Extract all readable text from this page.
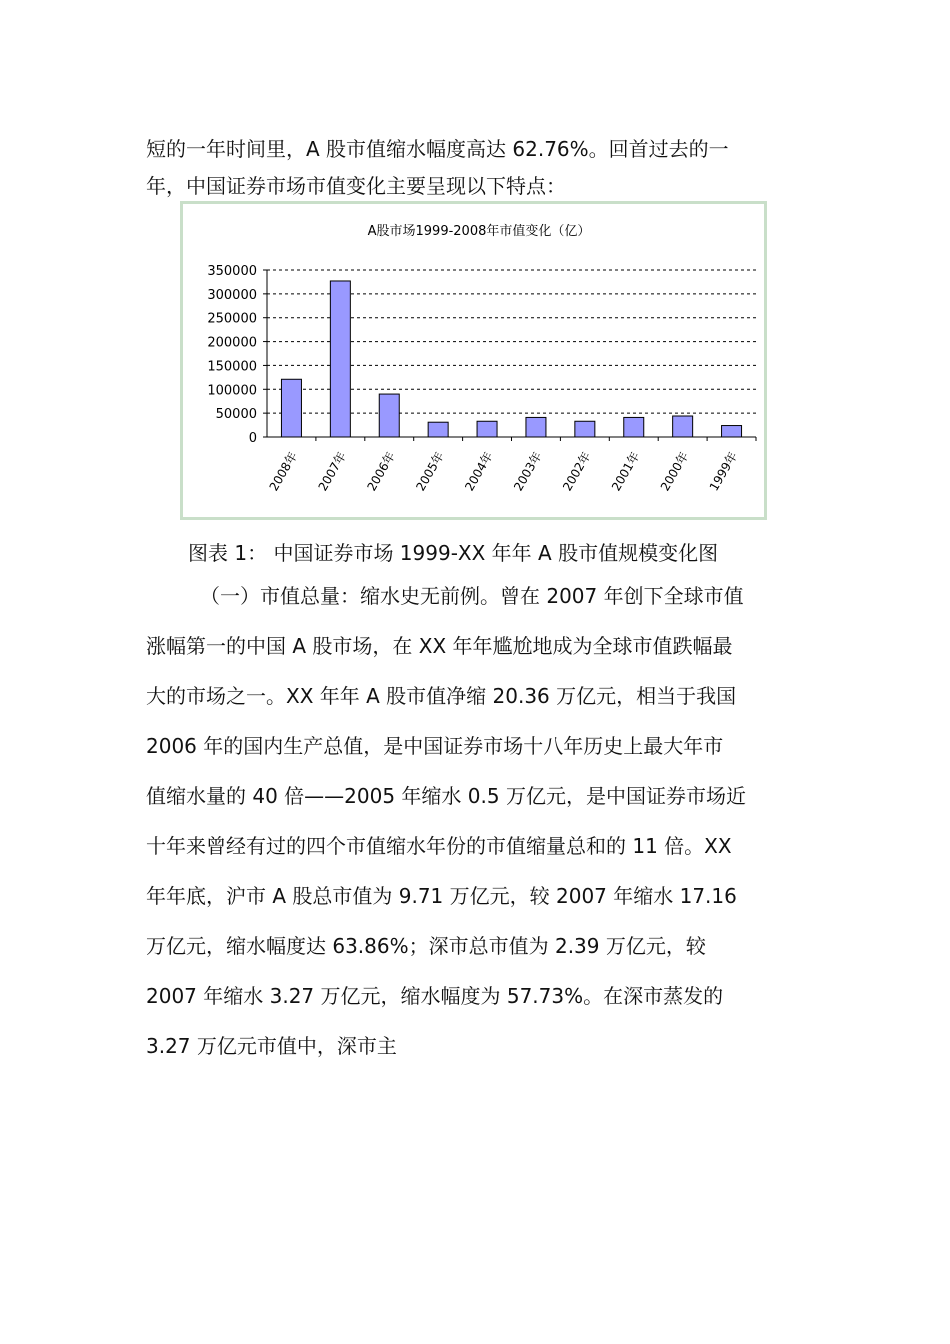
短的一年时间里，A 股市值缩水幅度高达 62.76%。回首过去的一
年，中国证券市场市值变化主要呈现以下特点：
A股市场1999-2008年市值变化（亿）
350000
300000
250000
200000
150000
100000
50000
0
2008年 2007年 2006年 2005年 2004年 2003年 2002年 2001年 2000年 1999年
图表 1： 中国证券市场 1999-XX 年年 A 股市值规模变化图
（一）市值总量：缩水史无前例。曾在 2007 年创下全球市值
涨幅第一的中国 A 股市场，在 XX 年年尴尬地成为全球市值跌幅最
大的市场之一。XX 年年 A 股市值净缩 20.36 万亿元，相当于我国
2006 年的国内生产总值，是中国证券市场十八年历史上最大年市
值缩水量的 40 倍——2005 年缩水 0.5 万亿元，是中国证券市场近
十年来曾经有过的四个市值缩水年份的市值缩量总和的 11 倍。XX
年年底，沪市 A 股总市值为 9.71 万亿元，较 2007 年缩水 17.16
万亿元，缩水幅度达 63.86%；深市总市值为 2.39 万亿元，较
2007 年缩水 3.27 万亿元，缩水幅度为 57.73%。在深市蒸发的
3.27 万亿元市值中，深市主
